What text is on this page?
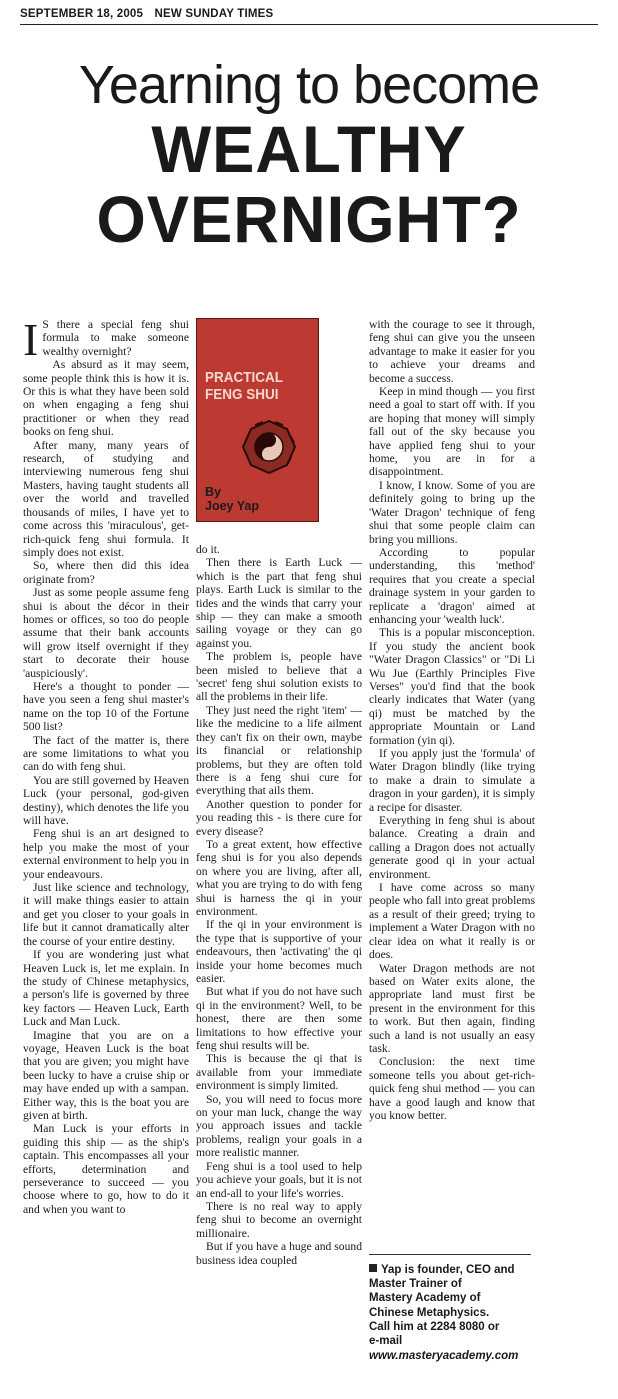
SEPTEMBER 18, 2005 NEW SUNDAY TIMES
Yearning to become
WEALTHY
OVERNIGHT?

I S there a special feng shui formula to make someone wealthy overnight?

As absurd as it may seem, some people think this is how it is. Or this is what they have been sold on when engaging a feng shui practitioner or when they read books on feng shui.

After many, many years of research, of studying and interviewing numerous feng shui Masters, having taught students all over the world and travelled thousands of miles, I have yet to come across this 'miraculous', get-rich-quick feng shui formula. It simply does not exist.

So, where then did this idea originate from?

Just as some people assume feng shui is about the décor in their homes or offices, so too do people assume that their bank accounts will grow itself overnight if they start to decorate their house 'auspiciously'.

Here's a thought to ponder — have you seen a feng shui master's name on the top 10 of the Fortune 500 list?

The fact of the matter is, there are some limitations to what you can do with feng shui.

You are still governed by Heaven Luck (your personal, god-given destiny), which denotes the life you will have.

Feng shui is an art designed to help you make the most of your external environment to help you in your endeavours.

Just like science and technology, it will make things easier to attain and get you closer to your goals in life but it cannot dramatically alter the course of your entire destiny.

If you are wondering just what Heaven Luck is, let me explain. In the study of Chinese metaphysics, a person's life is governed by three key factors — Heaven Luck, Earth Luck and Man Luck.

Imagine that you are on a voyage, Heaven Luck is the boat that you are given; you might have been lucky to have a cruise ship or may have ended up with a sampan. Either way, this is the boat you are given at birth.

Man Luck is your efforts in guiding this ship — as the ship's captain. This encompasses all your efforts, determination and perseverance to succeed — you choose where to go, how to do it and when you want to

PRACTICAL
FENG SHUI
By
Joey Yap

do it.

Then there is Earth Luck — which is the part that feng shui plays. Earth Luck is similar to the tides and the winds that carry your ship — they can make a smooth sailing voyage or they can go against you.

The problem is, people have been misled to believe that a 'secret' feng shui solution exists to all the problems in their life.

They just need the right 'item' — like the medicine to a life ailment they can't fix on their own, maybe its financial or relationship problems, but they are often told there is a feng shui cure for everything that ails them.

Another question to ponder for you reading this - is there cure for every disease?

To a great extent, how effective feng shui is for you also depends on where you are living, after all, what you are trying to do with feng shui is harness the qi in your environment.

If the qi in your environment is the type that is supportive of your endeavours, then 'activating' the qi inside your home becomes much easier.

But what if you do not have such qi in the environment? Well, to be honest, there are then some limitations to how effective your feng shui results will be.

This is because the qi that is available from your immediate environment is simply limited.

So, you will need to focus more on your man luck, change the way you approach issues and tackle problems, realign your goals in a more realistic manner.

Feng shui is a tool used to help you achieve your goals, but it is not an end-all to your life's worries.

There is no real way to apply feng shui to become an overnight millionaire.

But if you have a huge and sound business idea coupled

with the courage to see it through, feng shui can give you the unseen advantage to make it easier for you to achieve your dreams and become a success.

Keep in mind though — you first need a goal to start off with. If you are hoping that money will simply fall out of the sky because you have applied feng shui to your home, you are in for a disappointment.

I know, I know. Some of you are definitely going to bring up the 'Water Dragon' technique of feng shui that some people claim can bring you millions.

According to popular understanding, this 'method' requires that you create a special drainage system in your garden to replicate a 'dragon' aimed at enhancing your 'wealth luck'.

This is a popular misconception. If you study the ancient book "Water Dragon Classics" or "Di Li Wu Jue (Earthly Principles Five Verses" you'd find that the book clearly indicates that Water (yang qi) must be matched by the appropriate Mountain or Land formation (yin qi).

If you apply just the 'formula' of Water Dragon blindly (like trying to make a drain to simulate a dragon in your garden), it is simply a recipe for disaster.

Everything in feng shui is about balance. Creating a drain and calling a Dragon does not actually generate good qi in your actual environment.

I have come across so many people who fall into great problems as a result of their greed; trying to implement a Water Dragon with no clear idea on what it really is or does.

Water Dragon methods are not based on Water exits alone, the appropriate land must first be present in the environment for this to work. But then again, finding such a land is not usually an easy task.

Conclusion: the next time someone tells you about get-rich-quick feng shui method — you can have a good laugh and know that you know better.

Yap is founder, CEO and
Master Trainer of
Mastery Academy of
Chinese Metaphysics.
Call him at 2284 8080 or
e-mail
www.masteryacademy.com
